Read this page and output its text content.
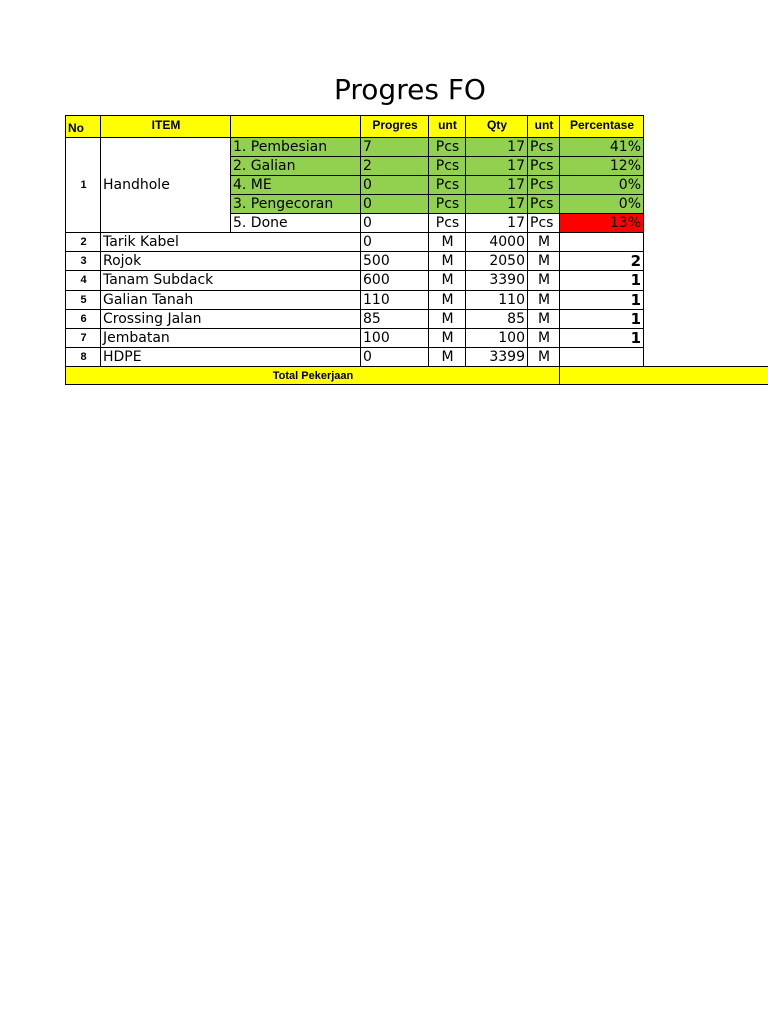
Progres FO
No	ITEM	Progres	unt	Qty	unt	Percentase
1	Handhole
1. Pembesian	7	Pcs	17 Pcs	41%
2. Galian	2	Pcs	17 Pcs	12%
4. ME	0	Pcs	17 Pcs	0%
3. Pengecoran	0	Pcs	17 Pcs	0%
5. Done	0	Pcs	17 Pcs	13%
2	Tarik Kabel	0	M	4000 M
3	Rojok	500	M	2050 M	2
4	Tanam Subdack	600	M	3390 M	1
5	Galian Tanah	110	M	110 M	1
6	Crossing Jalan	85	M	85 M	1
7	Jembatan	100	M	100 M	1
8	HDPE	0	M	3399 M
Total Pekerjaan
